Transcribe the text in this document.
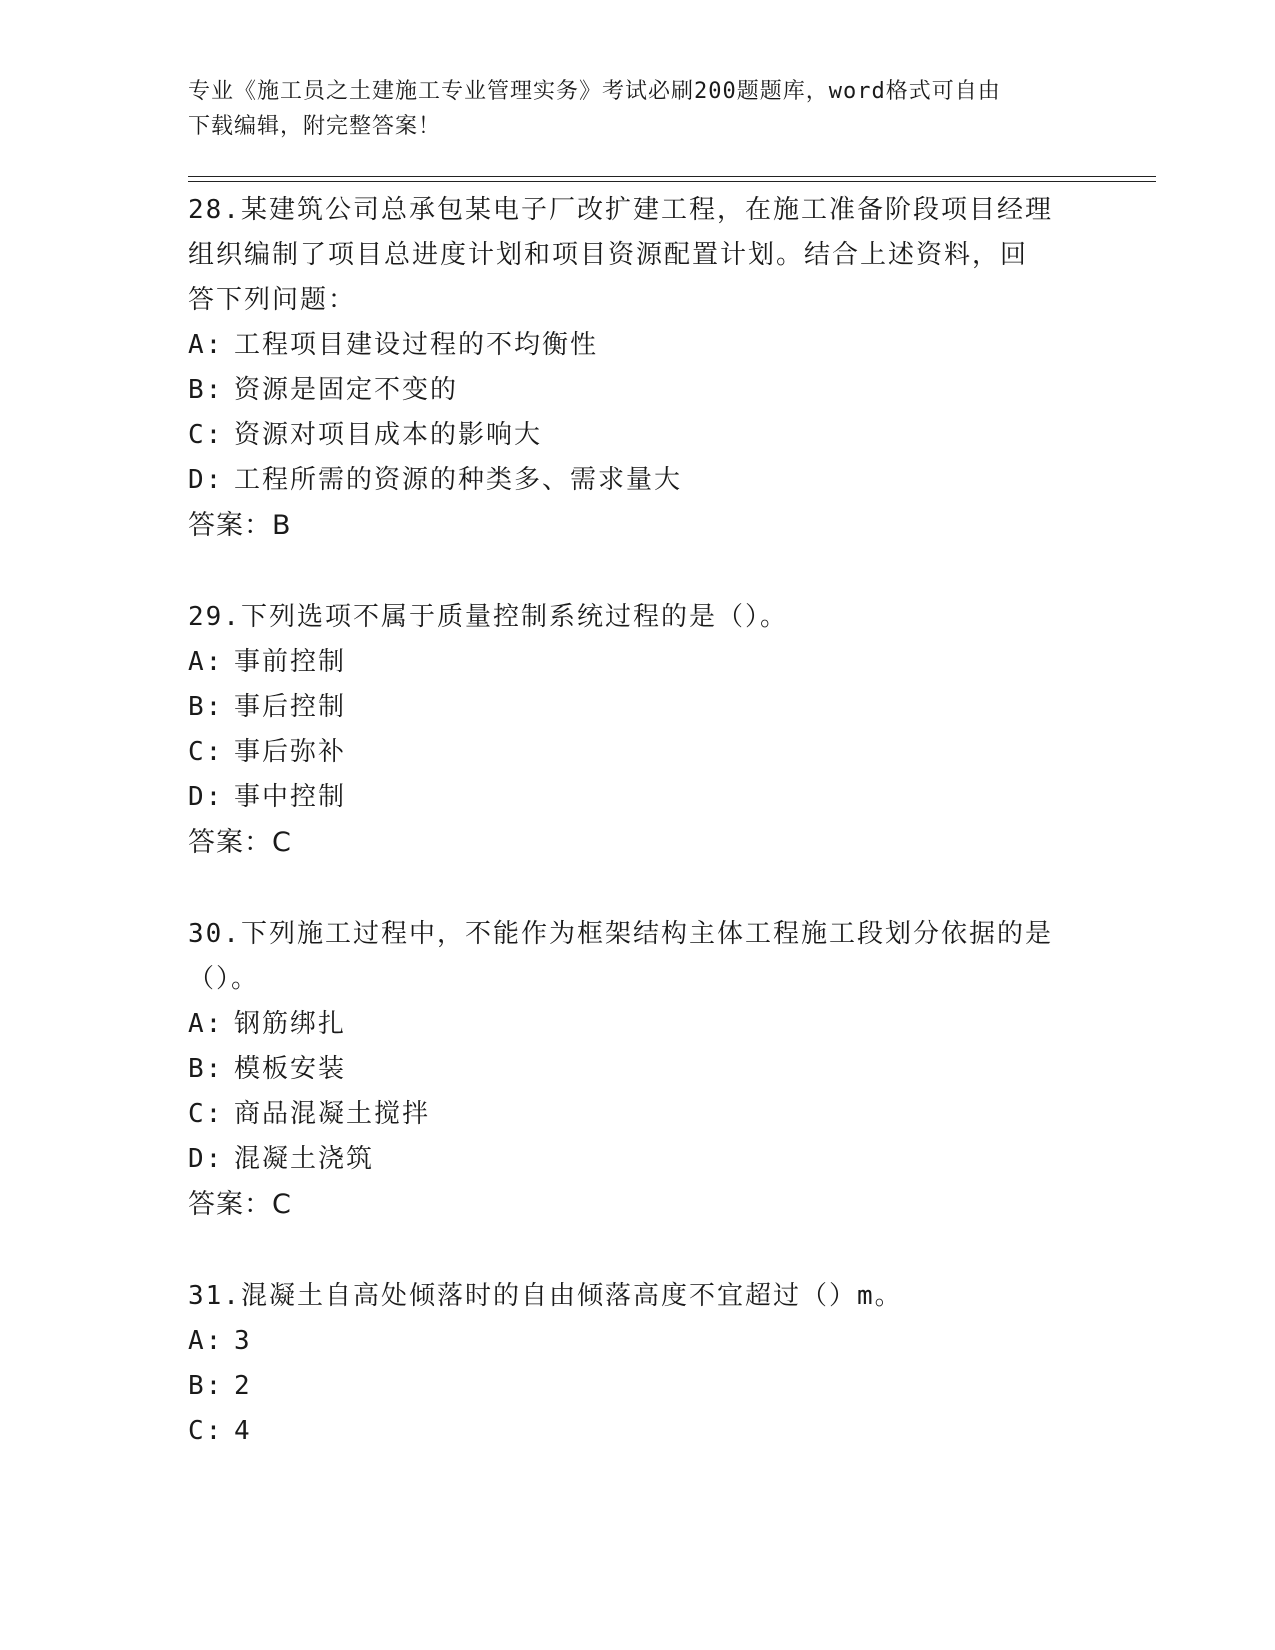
专业《施工员之土建施工专业管理实务》考试必刷200题题库，word格式可自由
下载编辑，附完整答案！

28.某建筑公司总承包某电子厂改扩建工程，在施工准备阶段项目经理

组织编制了项目总进度计划和项目资源配置计划。结合上述资料，回

答下列问题：

A: 工程项目建设过程的不均衡性

B: 资源是固定不变的

C: 资源对项目成本的影响大

D: 工程所需的资源的种类多、需求量大

答案：B

29.下列选项不属于质量控制系统过程的是（）。

A: 事前控制

B: 事后控制

C: 事后弥补

D: 事中控制

答案：C

30.下列施工过程中，不能作为框架结构主体工程施工段划分依据的是

（）。

A: 钢筋绑扎

B: 模板安装

C: 商品混凝土搅拌

D: 混凝土浇筑

答案：C

31.混凝土自高处倾落时的自由倾落高度不宜超过（）m。

A: 3

B: 2

C: 4
